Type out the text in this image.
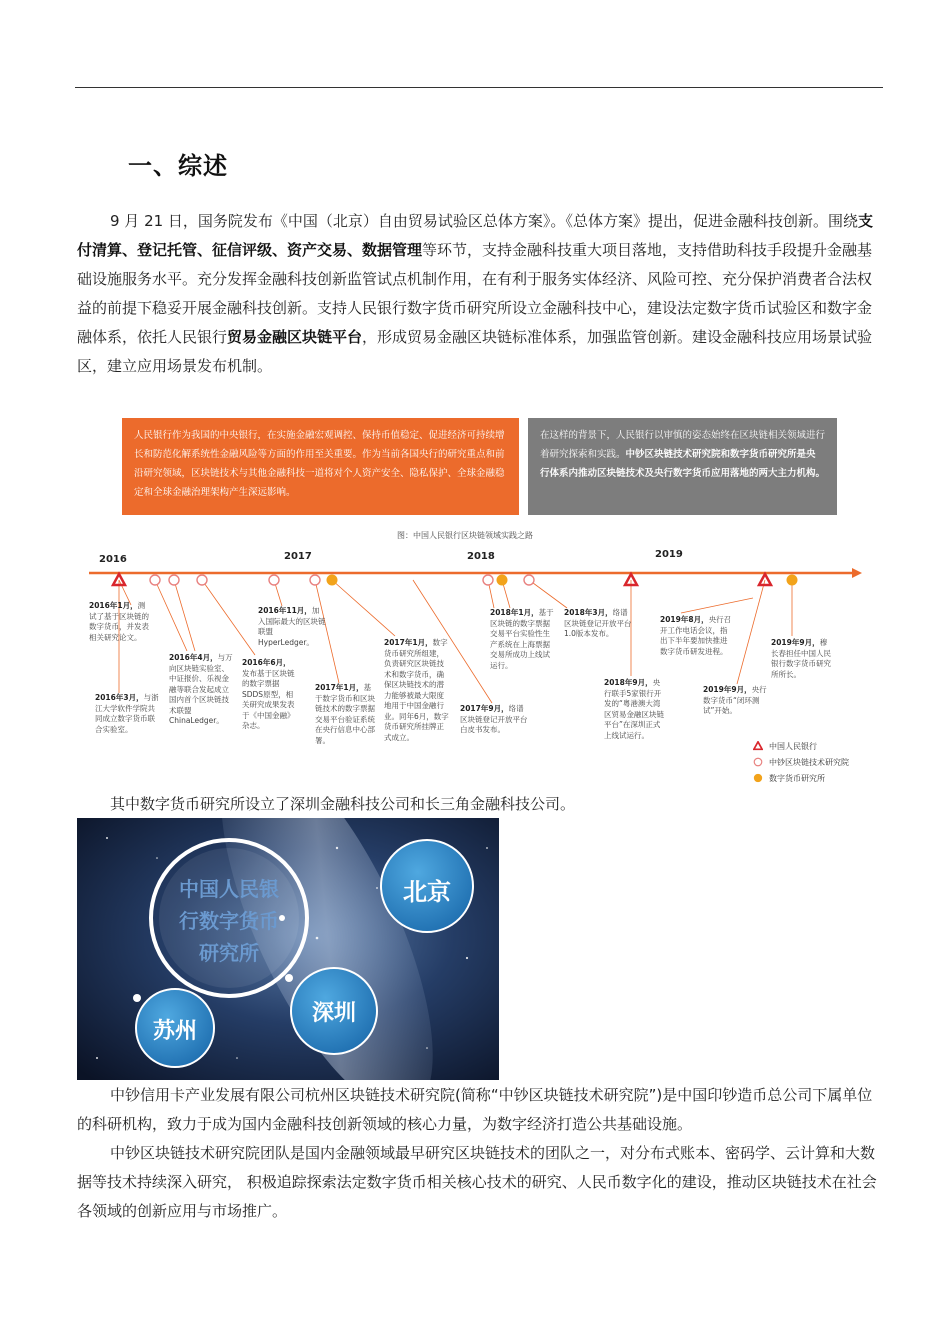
一、综述

9 月 21 日，国务院发布《中国（北京）自由贸易试验区总体方案》。《总体方案》提出，促进金融科技创新。围绕支付清算、登记托管、征信评级、资产交易、数据管理等环节，支持金融科技重大项目落地，支持借助科技手段提升金融基础设施服务水平。充分发挥金融科技创新监管试点机制作用，在有利于服务实体经济、风险可控、充分保护消费者合法权益的前提下稳妥开展金融科技创新。支持人民银行数字货币研究所设立金融科技中心，建设法定数字货币试验区和数字金融体系，依托人民银行贸易金融区块链平台，形成贸易金融区块链标准体系，加强监管创新。建设金融科技应用场景试验区，建立应用场景发布机制。

人民银行作为我国的中央银行，在实施金融宏观调控、保持币值稳定、促进经济可持续增长和防范化解系统性金融风险等方面的作用至关重要。作为当前各国央行的研究重点和前沿研究领域，区块链技术与其他金融科技一道将对个人资产安全、隐私保护、全球金融稳定和全球金融治理架构产生深远影响。
在这样的背景下，人民银行以审慎的姿态始终在区块链相关领域进行着研究探索和实践。中钞区块链技术研究院和数字货币研究所是央行体系内推动区块链技术及央行数字货币应用落地的两大主力机构。
图：中国人民银行区块链领域实践之路
2016	2017	2018	2019
2016年1月，测试了基于区块链的数字货币，并发表相关研究论文。
2016年3月，与浙江大学软件学院共同成立数字货币联合实验室。
2016年4月，与万向区块链实验室、中证报价、乐视金融等联合发起成立国内首个区块链技术联盟ChinaLedger。
2016年6月，发布基于区块链的数字票据SDDS原型，相关研究成果发表于《中国金融》杂志。
2016年11月，加入国际最大的区块链联盟HyperLedger。
2017年1月，基于数字货币和区块链技术的数字票据交易平台验证系统在央行信息中心部署。
2017年1月，数字货币研究所组建，负责研究区块链技术和数字货币，确保区块链技术的潜力能够被最大限度地用于中国金融行业。同年6月，数字货币研究所挂牌正式成立。
2017年9月，络谱区块链登记开放平台白皮书发布。
2018年1月，基于区块链的数字票据交易平台实验性生产系统在上海票据交易所成功上线试运行。
2018年3月，络谱区块链登记开放平台1.0版本发布。
2018年9月，央行联手5家银行开发的“粤港澳大湾区贸易金融区块链平台”在深圳正式上线试运行。
2019年8月，央行召开工作电话会议，指出下半年要加快推进数字货币研发进程。
2019年9月，央行数字货币“闭环测试”开始。
2019年9月，穆长春担任中国人民银行数字货币研究所所长。
中国人民银行
中钞区块链技术研究院
数字货币研究所

其中数字货币研究所设立了深圳金融科技公司和长三角金融科技公司。

中国人民银
行数字货币
研究所
北京
深圳
苏州

中钞信用卡产业发展有限公司杭州区块链技术研究院(简称“中钞区块链技术研究院”)是中国印钞造币总公司下属单位的科研机构，致力于成为国内金融科技创新领域的核心力量，为数字经济打造公共基础设施。

中钞区块链技术研究院团队是国内金融领域最早研究区块链技术的团队之一，对分布式账本、密码学、云计算和大数据等技术持续深入研究， 积极追踪探索法定数字货币相关核心技术的研究、人民币数字化的建设，推动区块链技术在社会各领域的创新应用与市场推广。
